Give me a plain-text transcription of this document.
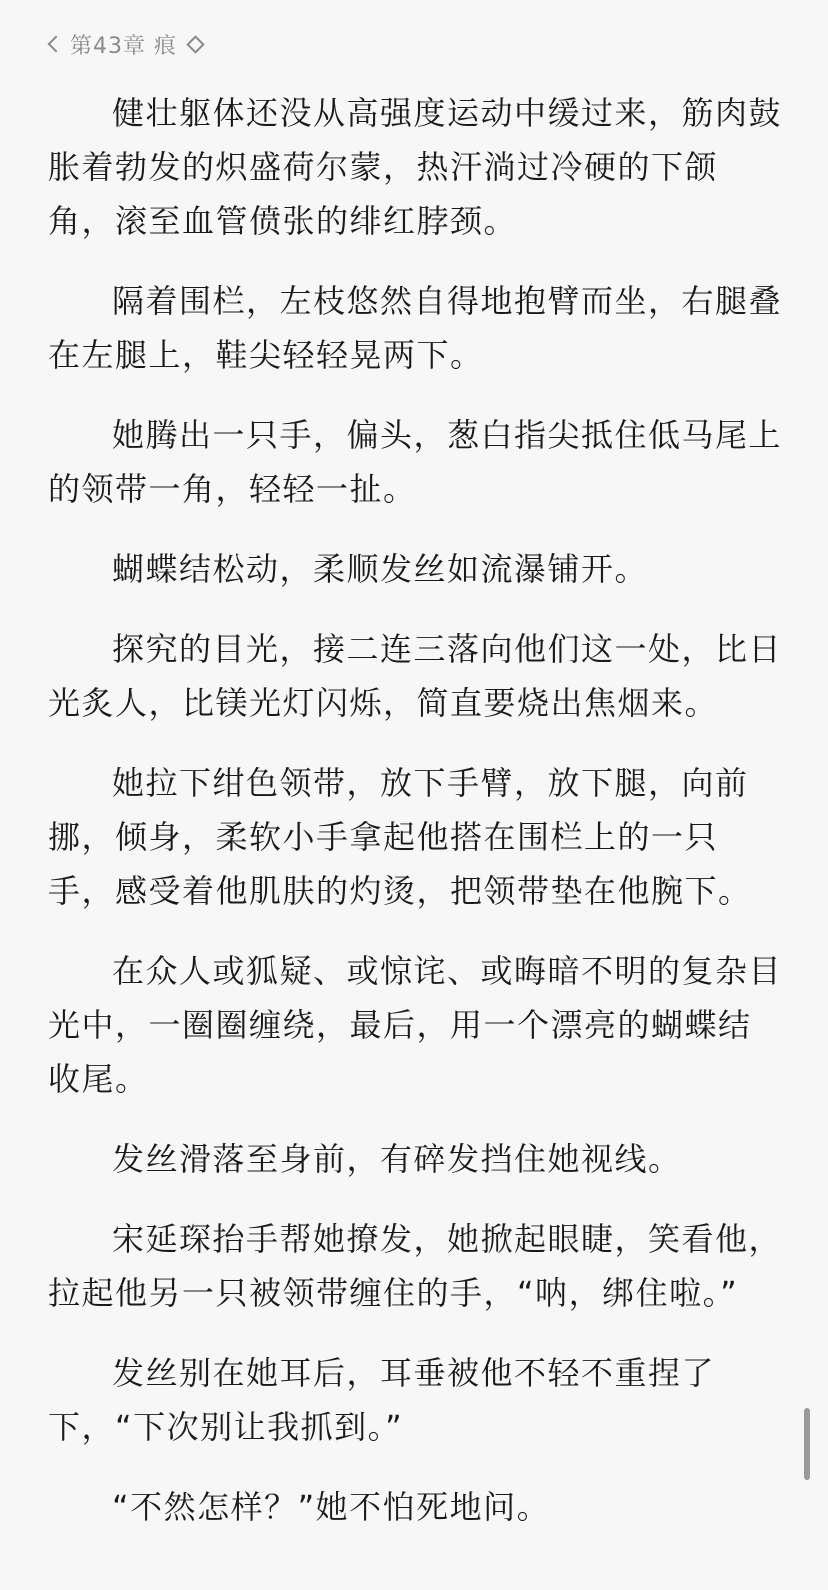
第43章 痕

健壮躯体还没从高强度运动中缓过来，筋肉鼓胀着勃发的炽盛荷尔蒙，热汗淌过冷硬的下颌角，滚至血管偾张的绯红脖颈。

隔着围栏，左枝悠然自得地抱臂而坐，右腿叠在左腿上，鞋尖轻轻晃两下。

她腾出一只手，偏头，葱白指尖抵住低马尾上的领带一角，轻轻一扯。

蝴蝶结松动，柔顺发丝如流瀑铺开。

探究的目光，接二连三落向他们这一处，比日光炙人，比镁光灯闪烁，简直要烧出焦烟来。

她拉下绀色领带，放下手臂，放下腿，向前挪，倾身，柔软小手拿起他搭在围栏上的一只手，感受着他肌肤的灼烫，把领带垫在他腕下。

在众人或狐疑、或惊诧、或晦暗不明的复杂目光中，一圈圈缠绕，最后，用一个漂亮的蝴蝶结收尾。

发丝滑落至身前，有碎发挡住她视线。

宋延琛抬手帮她撩发，她掀起眼睫，笑看他，拉起他另一只被领带缠住的手，“呐，绑住啦。”

发丝别在她耳后，耳垂被他不轻不重捏了下，“下次别让我抓到。”

“不然怎样？”她不怕死地问。
